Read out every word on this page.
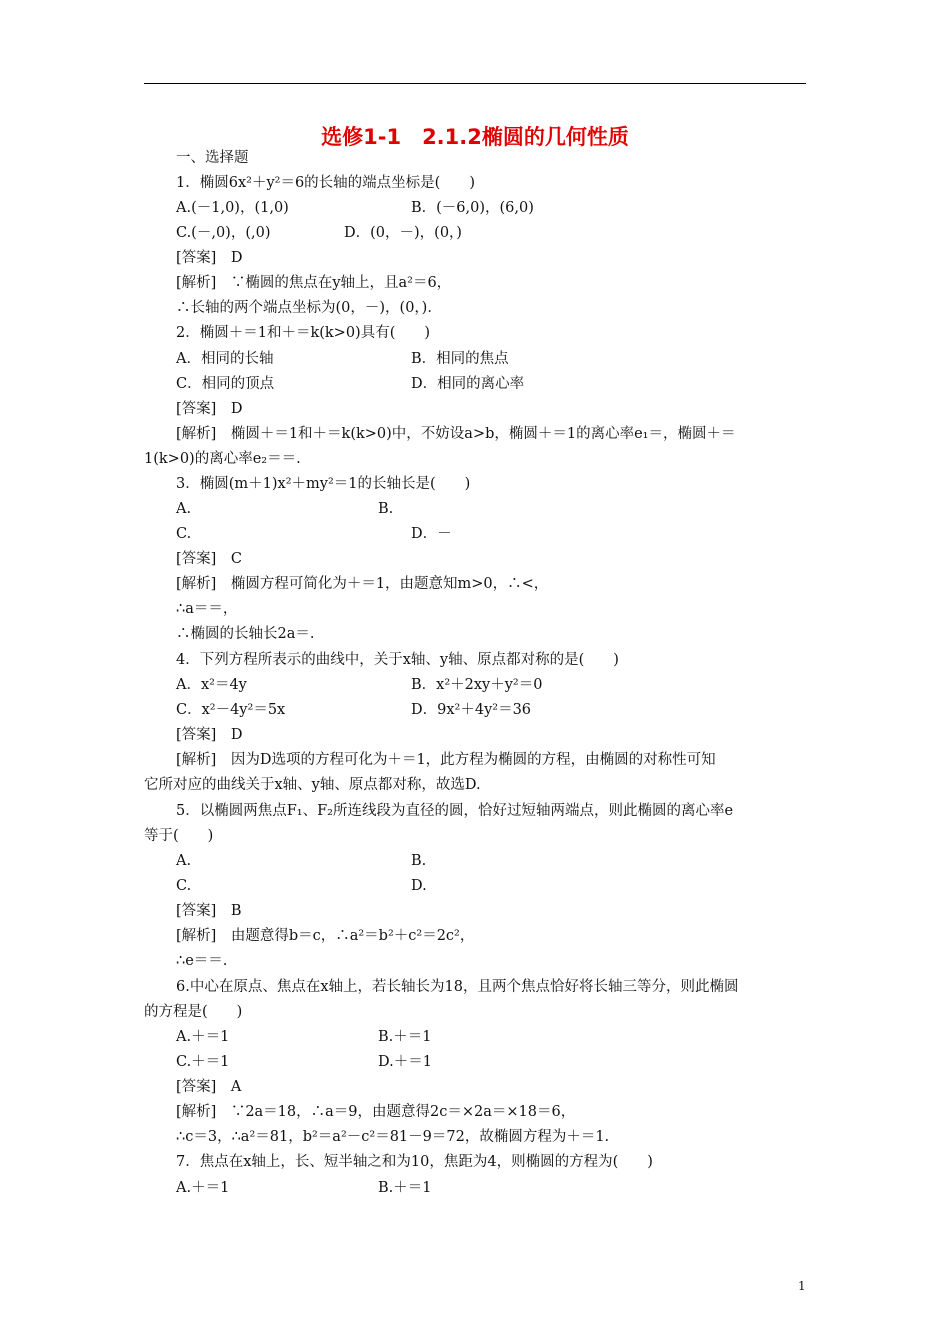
选修1-1　2.1.2椭圆的几何性质
一、选择题
1．椭圆6x²＋y²＝6的长轴的端点坐标是(　　)
A.(－1,0)，(1,0)	B．(－6,0)，(6,0)
C.(－,0)，(,0)	D．(0，－)，(0，)
[答案]　D
[解析]　∵椭圆的焦点在y轴上，且a²＝6，
∴长轴的两个端点坐标为(0，－)，(0，)．
2．椭圆＋＝1和＋＝k(k>0)具有(　　)
A．相同的长轴	B．相同的焦点
C．相同的顶点	D．相同的离心率
[答案]　D
[解析]　椭圆＋＝1和＋＝k(k>0)中，不妨设a>b，椭圆＋＝1的离心率e₁＝，椭圆＋＝
1(k>0)的离心率e₂＝＝.
3．椭圆(m＋1)x²＋my²＝1的长轴长是(　　)
A.	B.
C.	D．－
[答案]　C
[解析]　椭圆方程可简化为＋＝1，由题意知m>0，∴<，
∴a＝＝，
∴椭圆的长轴长2a＝.
4．下列方程所表示的曲线中，关于x轴、y轴、原点都对称的是(　　)
A．x²＝4y	B．x²＋2xy＋y²＝0
C．x²－4y²＝5x	D．9x²＋4y²＝36
[答案]　D
[解析]　因为D选项的方程可化为＋＝1，此方程为椭圆的方程，由椭圆的对称性可知
它所对应的曲线关于x轴、y轴、原点都对称，故选D.
5．以椭圆两焦点F₁、F₂所连线段为直径的圆，恰好过短轴两端点，则此椭圆的离心率e
等于(　　)
A.	B.
C.	D.
[答案]　B
[解析]　由题意得b＝c，∴a²＝b²＋c²＝2c²，
∴e＝＝.
6.中心在原点、焦点在x轴上，若长轴长为18，且两个焦点恰好将长轴三等分，则此椭圆
的方程是(　　)
A.＋＝1	B.＋＝1
C.＋＝1	D.＋＝1
[答案]　A
[解析]　∵2a＝18，∴a＝9，由题意得2c＝×2a＝×18＝6，
∴c＝3，∴a²＝81，b²＝a²－c²＝81－9＝72，故椭圆方程为＋＝1.
7．焦点在x轴上，长、短半轴之和为10，焦距为4，则椭圆的方程为(　　)
A.＋＝1	B.＋＝1
1
